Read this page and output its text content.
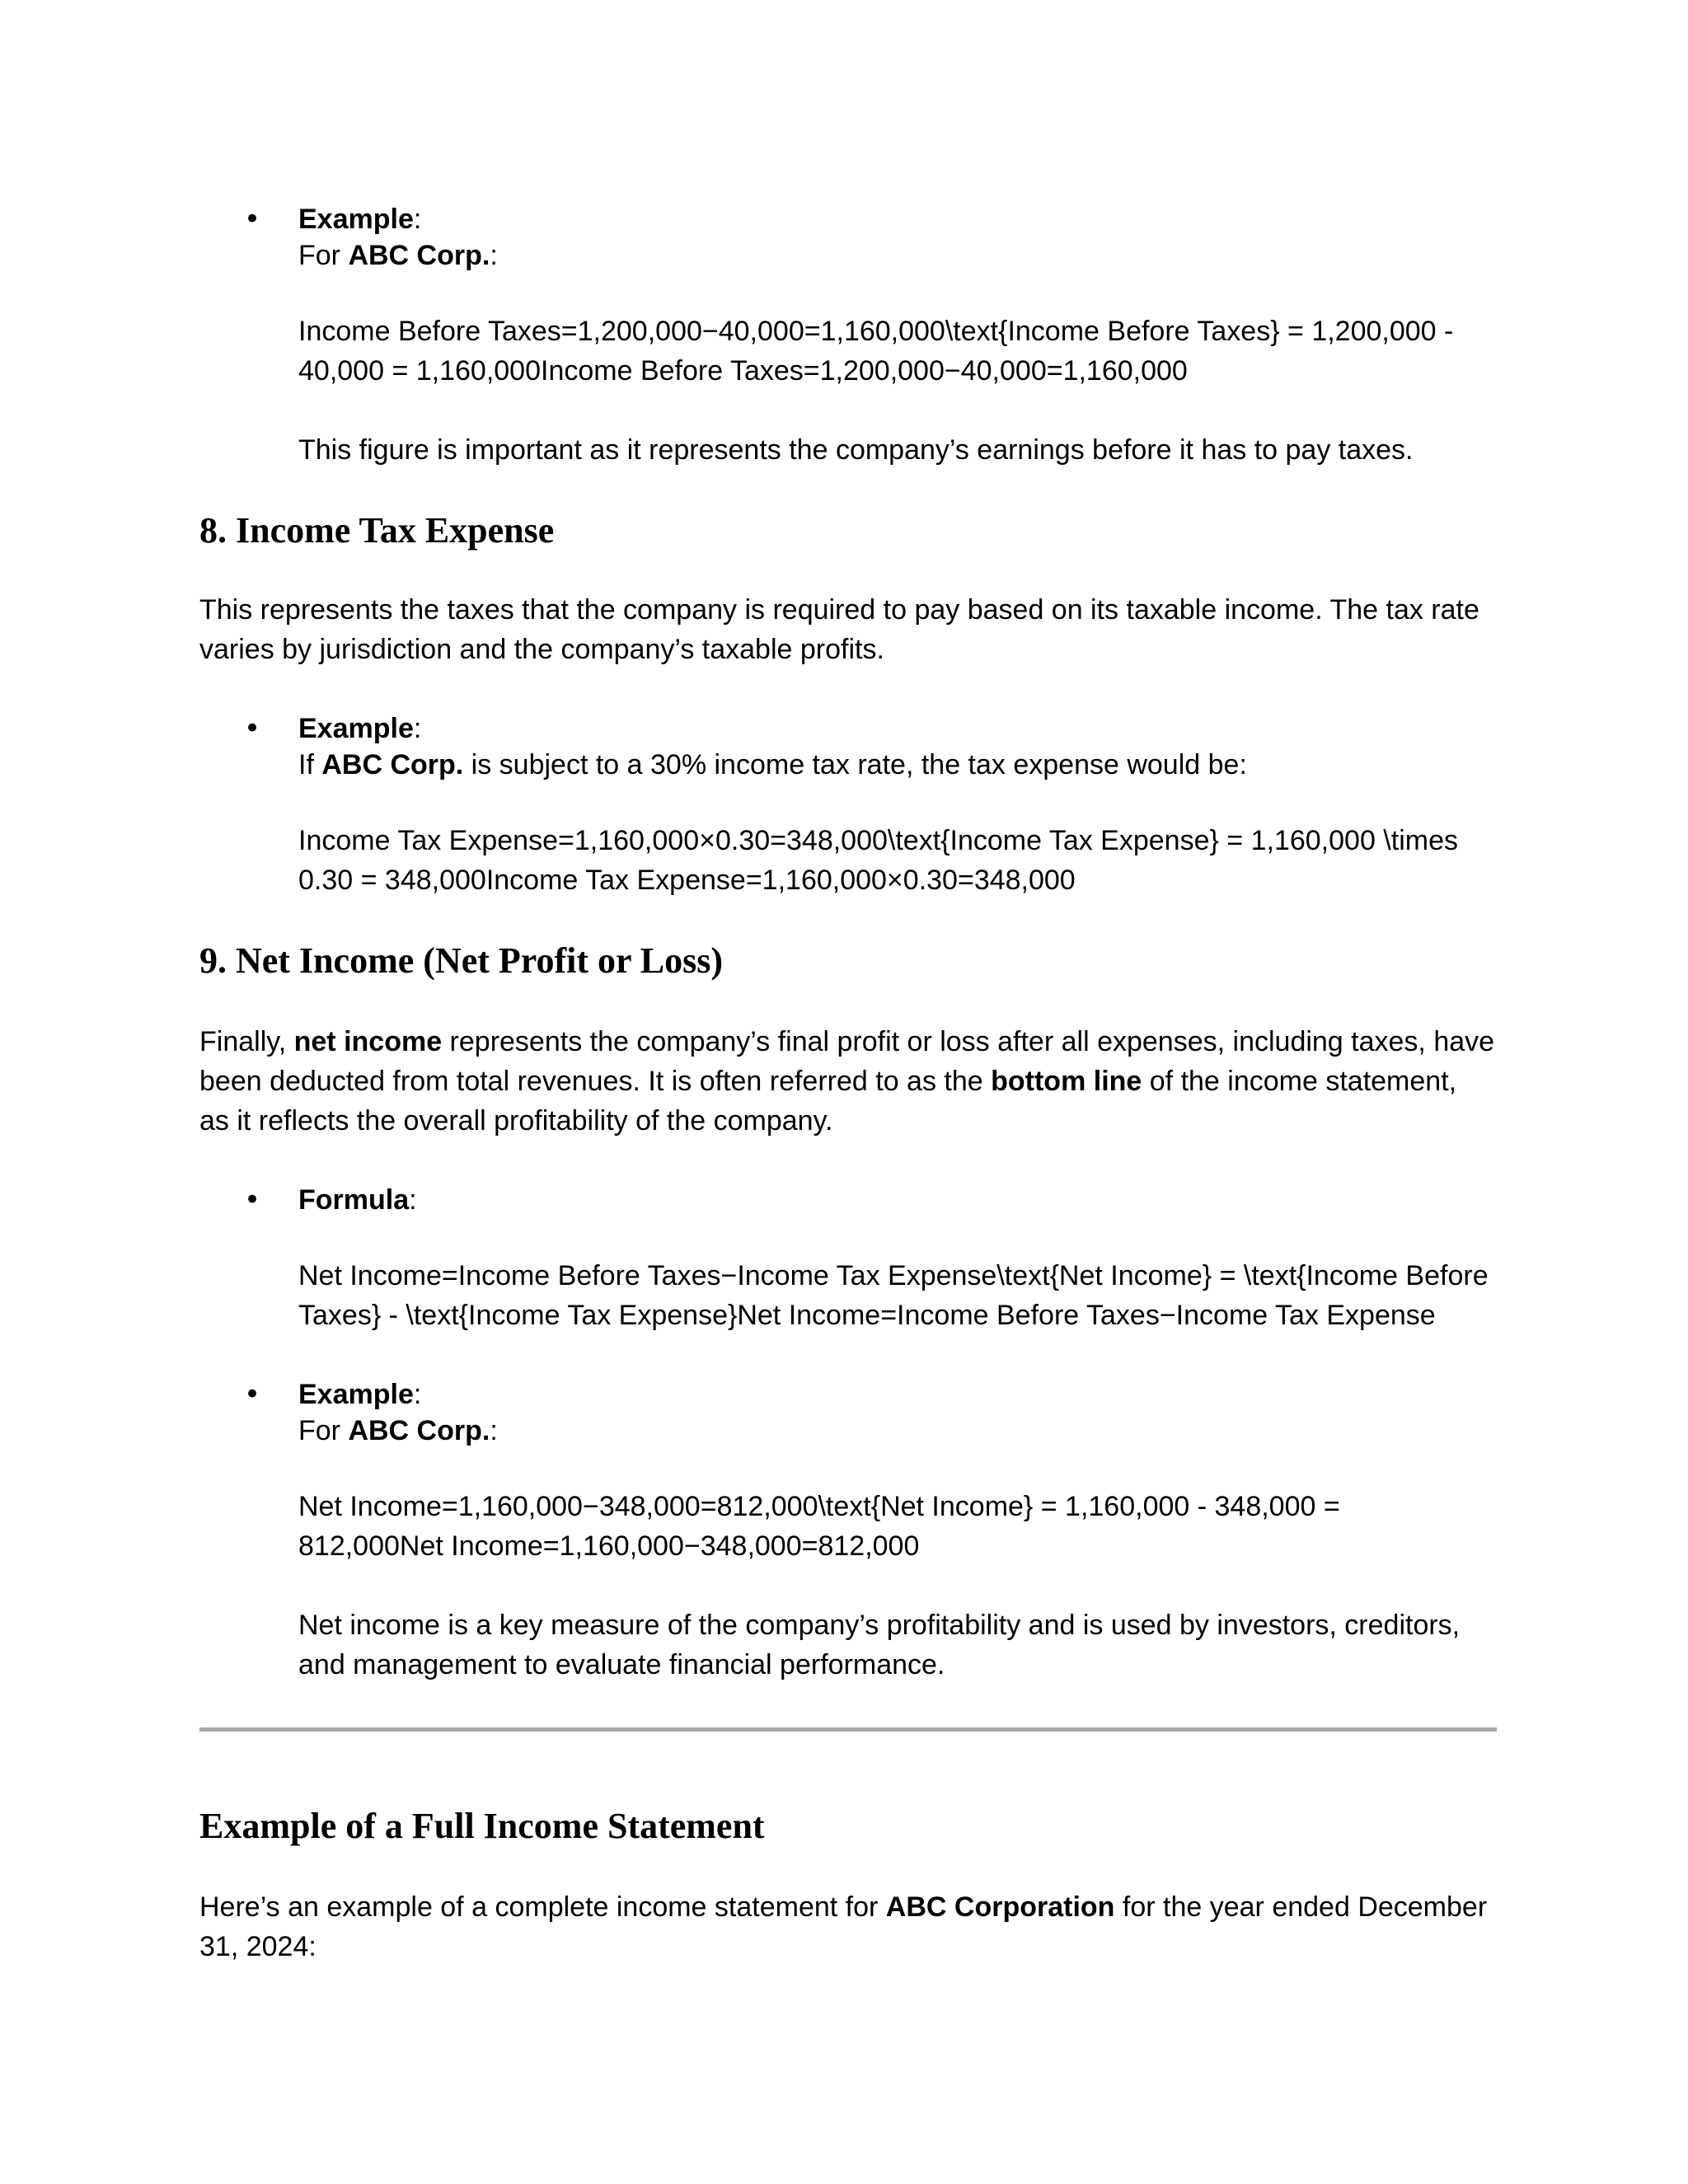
• Example:
For ABC Corp.:
Income Before Taxes=1,200,000−40,000=1,160,000\text{Income Before Taxes} = 1,200,000 -
40,000 = 1,160,000Income Before Taxes=1,200,000−40,000=1,160,000
This figure is important as it represents the company’s earnings before it has to pay taxes.
8. Income Tax Expense
This represents the taxes that the company is required to pay based on its taxable income. The tax rate
varies by jurisdiction and the company’s taxable profits.
• Example:
If ABC Corp. is subject to a 30% income tax rate, the tax expense would be:
Income Tax Expense=1,160,000×0.30=348,000\text{Income Tax Expense} = 1,160,000 \times
0.30 = 348,000Income Tax Expense=1,160,000×0.30=348,000
9. Net Income (Net Profit or Loss)
Finally, net income represents the company’s final profit or loss after all expenses, including taxes, have
been deducted from total revenues. It is often referred to as the bottom line of the income statement,
as it reflects the overall profitability of the company.
• Formula:
Net Income=Income Before Taxes−Income Tax Expense\text{Net Income} = \text{Income Before
Taxes} - \text{Income Tax Expense}Net Income=Income Before Taxes−Income Tax Expense
• Example:
For ABC Corp.:
Net Income=1,160,000−348,000=812,000\text{Net Income} = 1,160,000 - 348,000 =
812,000Net Income=1,160,000−348,000=812,000
Net income is a key measure of the company’s profitability and is used by investors, creditors,
and management to evaluate financial performance.
Example of a Full Income Statement
Here’s an example of a complete income statement for ABC Corporation for the year ended December
31, 2024:
